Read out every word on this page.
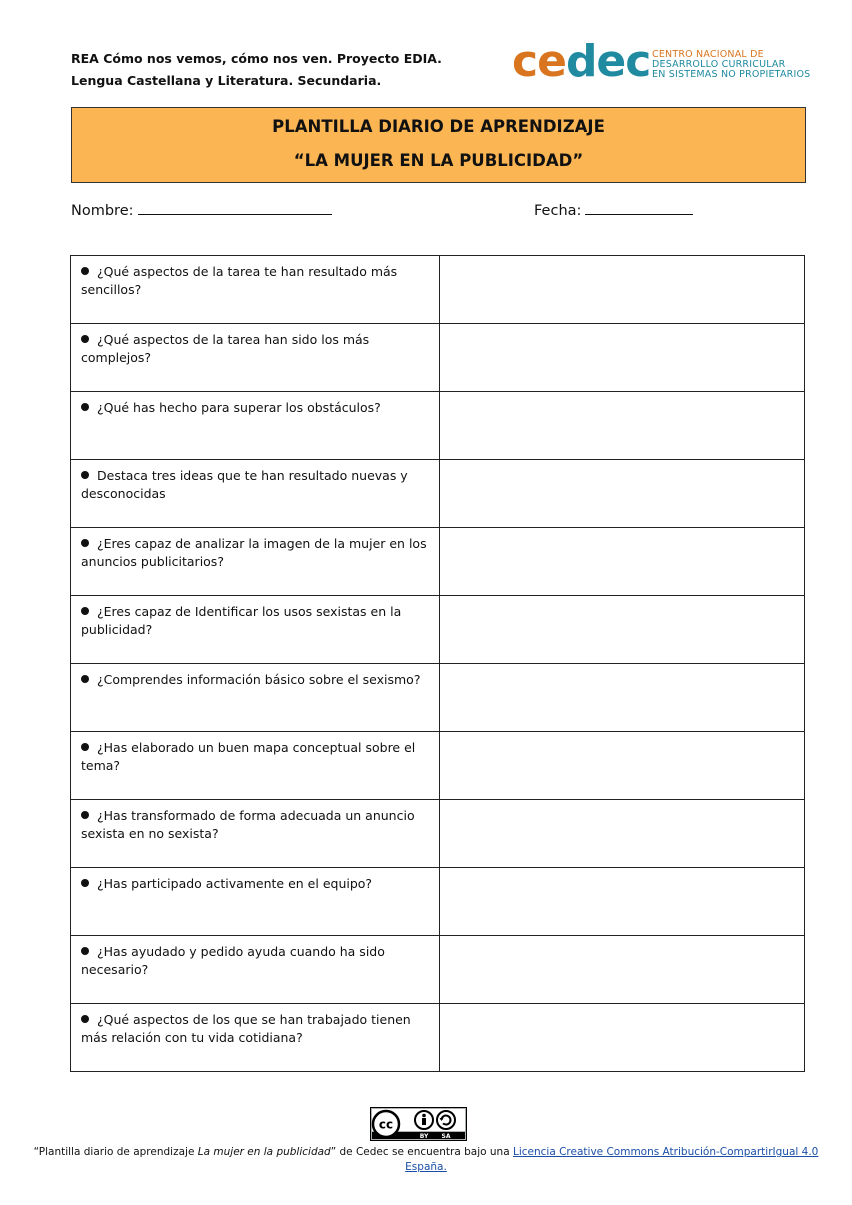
REA Cómo nos vemos, cómo nos ven. Proyecto EDIA.
Lengua Castellana y Literatura. Secundaria.	cedec CENTRO NACIONAL DE
DESARROLLO CURRICULAR
EN SISTEMAS NO PROPIETARIOS
PLANTILLA DIARIO DE APRENDIZAJE
“LA MUJER EN LA PUBLICIDAD”
Nombre:	Fecha:
¿Qué aspectos de la tarea te han resultado más sencillos?	
¿Qué aspectos de la tarea han sido los más complejos?	
¿Qué has hecho para superar los obstáculos?	
Destaca tres ideas que te han resultado nuevas y desconocidas	
¿Eres capaz de analizar la imagen de la mujer en los anuncios publicitarios?	
¿Eres capaz de Identificar los usos sexistas en la publicidad?	
¿Comprendes información básico sobre el sexismo?	
¿Has elaborado un buen mapa conceptual sobre el tema?	
¿Has transformado de forma adecuada un anuncio sexista en no sexista?	
¿Has participado activamente en el equipo?	
¿Has ayudado y pedido ayuda cuando ha sido necesario?	
¿Qué aspectos de los que se han trabajado tienen más relación con tu vida cotidiana?	
cc
BY SA
“Plantilla diario de aprendizaje La mujer en la publicidad” de Cedec se encuentra bajo una Licencia Creative Commons Atribución-CompartirIgual 4.0 España.
